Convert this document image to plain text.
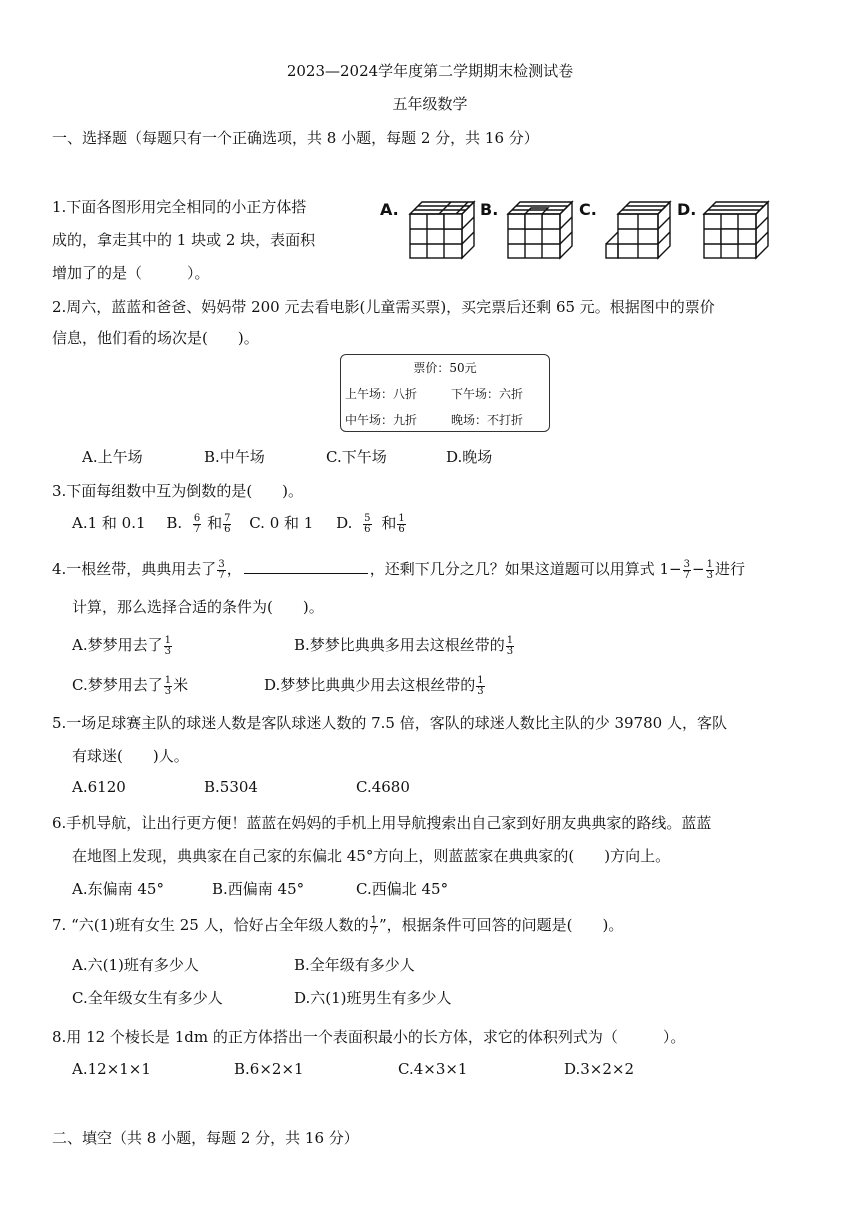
2023—2024学年度第二学期期末检测试卷
五年级数学
一、选择题（每题只有一个正确选项，共 8 小题，每题 2 分，共 16 分）
1.下面各图形用完全相同的小正方体搭
成的，拿走其中的 1 块或 2 块，表面积
增加了的是（　　　）。
A.	B.	C.	D.
2.周六，蓝蓝和爸爸、妈妈带 200 元去看电影(儿童需买票)，买完票后还剩 65 元。根据图中的票价
信息，他们看的场次是(　　)。
票价：50元
上午场：八折	下午场：六折
中午场：九折	晚场：不打折
A.上午场	B.中午场	C.下午场	D.晚场
3.下面每组数中互为倒数的是(　　)。
A.1 和 0.1 B. $\frac{6}{7}$ 和 $\frac{7}{6} C$. 0 和 1 D. $\frac{5}{6}$ 和 $\frac{1}{6}$
4.一根丝带，典典用去了 $\frac{3}{7}$ ，	，还剩下几分之几？如果这道题可以用算式 $1- \frac{3}{7} - \frac{1}{3}$ 进行
计算，那么选择合适的条件为(　　)。
A.梦梦用去了 $\frac{1}{3}$	B.梦梦比典典多用去这根丝带的 $\frac{1}{3}$
C.梦梦用去了 $\frac{1}{3}$ 米	D.梦梦比典典少用去这根丝带的 $\frac{1}{3}$
5.一场足球赛主队的球迷人数是客队球迷人数的 7.5 倍，客队的球迷人数比主队的少 39780 人，客队
有球迷(　　)人。
A.6120	B.5304	C.4680
6.手机导航，让出行更方便！蓝蓝在妈妈的手机上用导航搜索出自己家到好朋友典典家的路线。蓝蓝
在地图上发现，典典家在自己家的东偏北 45°方向上，则蓝蓝家在典典家的(　　)方向上。
A.东偏南 45°	B.西偏南 45°	C.西偏北 45°
7. “六(1)班有女生 25 人，恰好占全年级人数的 $\frac{1}{7}$ ”，根据条件可回答的问题是(　　)。
A.六(1)班有多少人	B.全年级有多少人
C.全年级女生有多少人	D.六(1)班男生有多少人
8.用 12 个棱长是 1dm 的正方体搭出一个表面积最小的长方体，求它的体积列式为（　　　）。
A.12×1×1	B.6×2×1	C.4×3×1	D.3×2×2
二、填空（共 8 小题，每题 2 分，共 16 分）
